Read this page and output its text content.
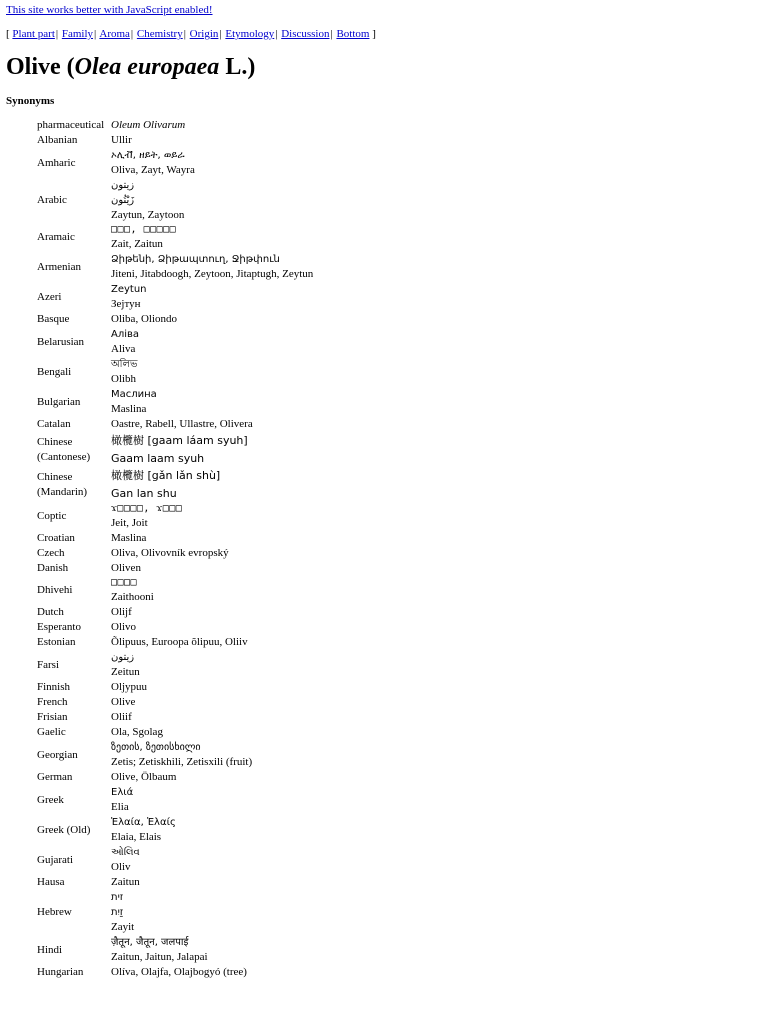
This site works better with JavaScript enabled!
[ Plant part| Family| Aroma| Chemistry| Origin| Etymology| Discussion| Bottom ]
Olive (Olea europaea L.)
Synonyms
pharmaceutical	Oleum Olivarum

Albanian	Ullir

Amharic	ኦሊቭ, ዘይት, ወይራ
Oliva, Zayt, Wayra

Arabic	زيتون
زَيْتُون
Zaytun, Zaytoon

Aramaic	□□□, □□□□□
Zait, Zaitun

Armenian	Ձիթենի, Ձիթապտուղ, Ջիթփուն
Jiteni, Jitabdoogh, Zeytoon, Jitaptugh, Zeytun

Azeri	Zeytun
Зејтун

Basque	Oliba, Oliondo

Belarusian	Аліва
Aliva

Bengali	অলিভ
Olibh

Bulgarian	Маслина
Maslina

Catalan	Oastre, Rabell, Ullastre, Olivera

Chinese (Cantonese)	橄欖樹 [gaam láam syuh]
Gaam laam syuh

Chinese (Mandarin)	橄欖樹 [gǎn lǎn shù]
Gan lan shu

Coptic	ϫ□□□□, ϫ□□□
Jeit, Joit

Croatian	Maslina

Czech	Oliva, Olivovník evropský

Danish	Oliven

Dhivehi	□□□□
Zaithooni

Dutch	Olijf

Esperanto	Olivo

Estonian	Õlipuus, Euroopa õlipuu, Oliiv

Farsi	زیتون
Zeitun

Finnish	Oljypuu

French	Olive

Frisian	Oliif

Gaelic	Ola, Sgolag

Georgian	ზეთის, ზეთისხილი
Zetis; Zetiskhili, Zetisxili (fruit)

German	Olive, Ölbaum

Greek	Ελιά
Elia

Greek (Old)	Ἐλαία, Ἐλαίς
Elaia, Elais

Gujarati	ઓલિવ
Oliv

Hausa	Zaitun

Hebrew	זית
זַיִת
Zayit

Hindi	ज़ैतून, जैतून, जलपाई
Zaitun, Jaitun, Jalapai

Hungarian	Olíva, Olajfa, Olajbogyó (tree)
